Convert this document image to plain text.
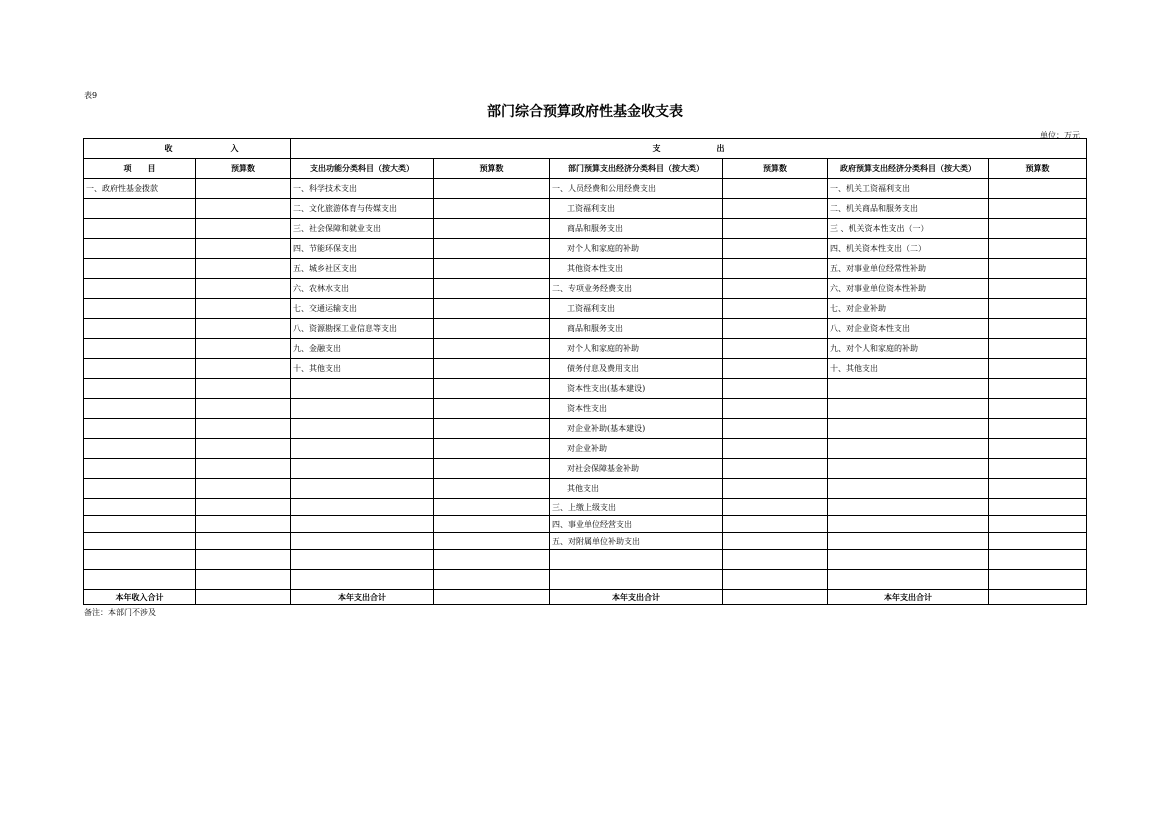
表9
部门综合预算政府性基金收支表
单位：万元
收 入		支　　　　　　　出					
项　　目	预算数	支出功能分类科目（按大类）	预算数	部门预算支出经济分类科目（按大类）	预算数	政府预算支出经济分类科目（按大类）	预算数
一、政府性基金拨款		一、科学技术支出		一、人员经费和公用经费支出		一、机关工资福利支出	
		二、文化旅游体育与传媒支出		工资福利支出		二、机关商品和服务支出	
		三、社会保障和就业支出		商品和服务支出		三 、机关资本性支出（一）	
		四、节能环保支出		对个人和家庭的补助		四、机关资本性支出（二）	
		五、城乡社区支出		其他资本性支出		五、对事业单位经常性补助	
		六、农林水支出		二、专项业务经费支出		六、对事业单位资本性补助	
		七、交通运输支出		工资福利支出		七、对企业补助	
		八、资源勘探工业信息等支出		商品和服务支出		八、对企业资本性支出	
		九、金融支出		对个人和家庭的补助		九、对个人和家庭的补助	
		十、其他支出		债务付息及费用支出		十、其他支出	
				资本性支出(基本建设)			
				资本性支出			
				对企业补助(基本建设)			
				对企业补助			
				对社会保障基金补助			
				其他支出			
				三、上缴上级支出			
				四、事业单位经营支出			
				五、对附属单位补助支出			

本年收入合计		本年支出合计		本年支出合计		本年支出合计	
备注：本部门不涉及
